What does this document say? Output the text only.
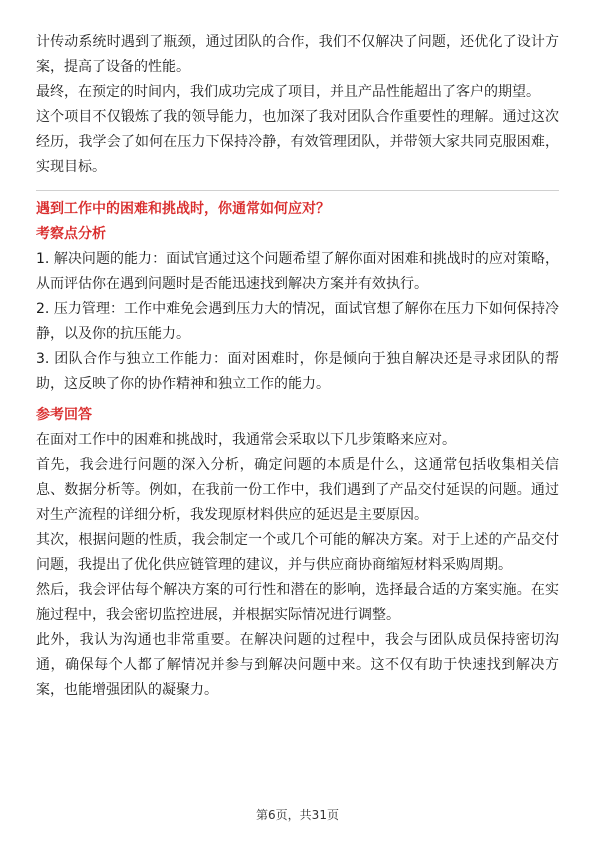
计传动系统时遇到了瓶颈，通过团队的合作，我们不仅解决了问题，还优化了设计方案，提高了设备的性能。

最终，在预定的时间内，我们成功完成了项目，并且产品性能超出了客户的期望。

这个项目不仅锻炼了我的领导能力，也加深了我对团队合作重要性的理解。通过这次经历，我学会了如何在压力下保持冷静，有效管理团队，并带领大家共同克服困难，实现目标。

遇到工作中的困难和挑战时，你通常如何应对？
考察点分析

1. 解决问题的能力：面试官通过这个问题希望了解你面对困难和挑战时的应对策略，从而评估你在遇到问题时是否能迅速找到解决方案并有效执行。

2. 压力管理：工作中难免会遇到压力大的情况，面试官想了解你在压力下如何保持冷静，以及你的抗压能力。

3. 团队合作与独立工作能力：面对困难时，你是倾向于独自解决还是寻求团队的帮助，这反映了你的协作精神和独立工作的能力。

参考回答

在面对工作中的困难和挑战时，我通常会采取以下几步策略来应对。

首先，我会进行问题的深入分析，确定问题的本质是什么，这通常包括收集相关信息、数据分析等。例如，在我前一份工作中，我们遇到了产品交付延误的问题。通过对生产流程的详细分析，我发现原材料供应的延迟是主要原因。

其次，根据问题的性质，我会制定一个或几个可能的解决方案。对于上述的产品交付问题，我提出了优化供应链管理的建议，并与供应商协商缩短材料采购周期。

然后，我会评估每个解决方案的可行性和潜在的影响，选择最合适的方案实施。在实施过程中，我会密切监控进展，并根据实际情况进行调整。

此外，我认为沟通也非常重要。在解决问题的过程中，我会与团队成员保持密切沟通，确保每个人都了解情况并参与到解决问题中来。这不仅有助于快速找到解决方案，也能增强团队的凝聚力。

第6页，共31页
